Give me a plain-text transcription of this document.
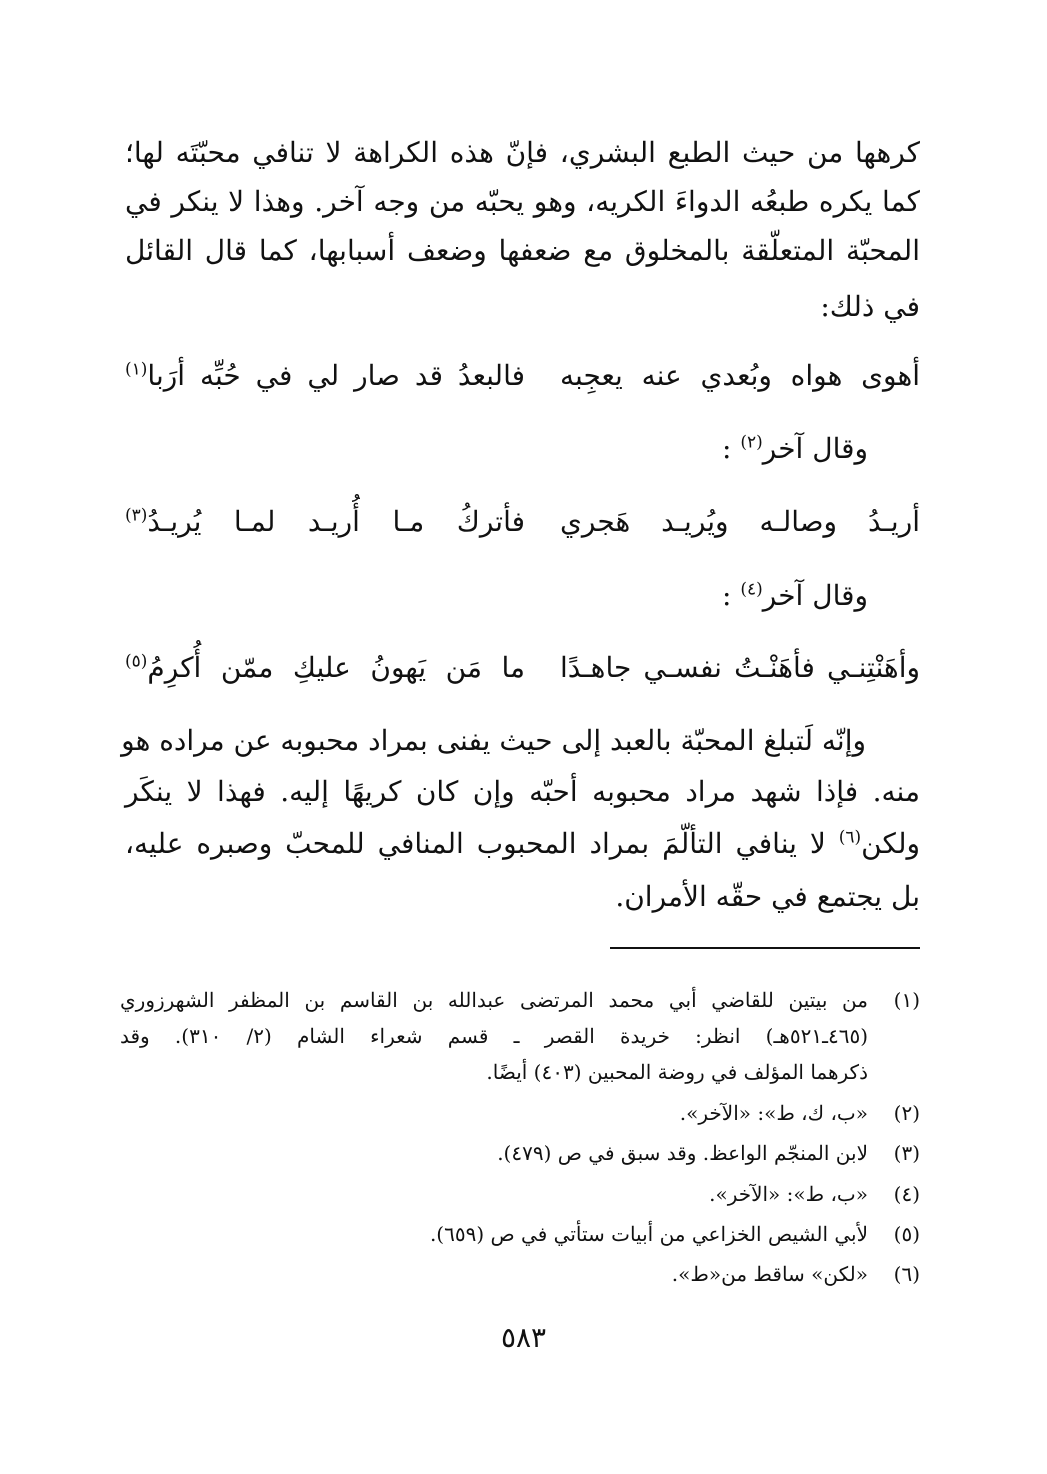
كرهها من حيث الطبع البشري، فإنّ هذه الكراهة لا تنافي محبّتَه لها؛
كما يكره طبعُه الدواءَ الكريه، وهو يحبّه من وجه آخر. وهذا لا ينكر في
المحبّة المتعلّقة بالمخلوق مع ضعفها وضعف أسبابها، كما قال القائل
في ذلك:
أهوى هواه وبُعدي عنه يعجِبه
فالبعدُ قد صار لي في حُبِّه أرَبا$^{(١)}$
وقال آخر$^{(٢)}$ :
أريـدُ وصالـه ويُريـد هَجري
فأتركُ مـا أُريـد لمـا يُريـدُ$^{(٣)}$
وقال آخر$^{(٤)}$ :
وأهَنْتِنـي فأهَنْـتُ نفسـي جاهـدًا
ما مَن يَهونُ عليكِ ممّن أُكرِمُ$^{(٥)}$
وإنّه لَتبلغ المحبّة بالعبد إلى حيث يفنى بمراد محبوبه عن مراده هو
منه. فإذا شهد مراد محبوبه أحبّه وإن كان كريهًا إليه. فهذا لا ينكَر
ولكن$^{(٦)}$ لا ينافي التألّمَ بمراد المحبوب المنافي للمحبّ وصبره عليه،
بل يجتمع في حقّه الأمران.
(١)
من بيتين للقاضي أبي محمد المرتضى عبدالله بن القاسم بن المظفر الشهرزوري
(٤٦٥ـ٥٢١هـ) انظر: خريدة القصر ـ قسم شعراء الشام (٢/ ٣١٠). وقد
ذكرهما المؤلف في روضة المحبين (٤٠٣) أيضًا.
(٢)
«ب، ك، ط»: «الآخر».
(٣)
لابن المنجّم الواعظ. وقد سبق في ص (٤٧٩).
(٤)
«ب، ط»: «الآخر».
(٥)
لأبي الشيص الخزاعي من أبيات ستأتي في ص (٦٥٩).
(٦)
«لكن» ساقط من«ط».
٥٨٣
